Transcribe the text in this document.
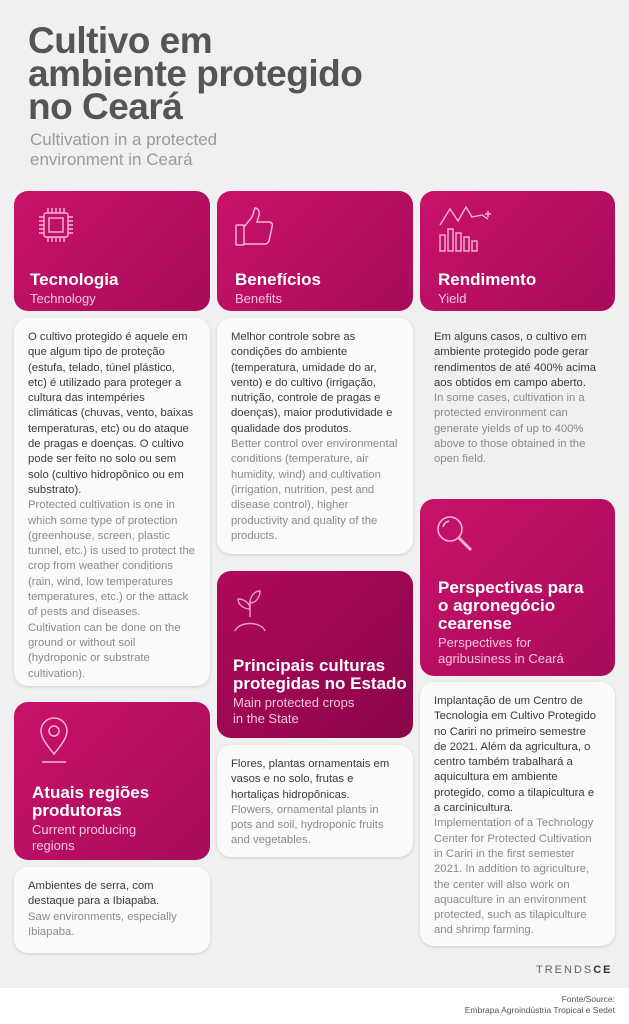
Cultivo em
ambiente protegido
no Ceará
Cultivation in a protected
environment in Ceará
Tecnologia
Technology
O cultivo protegido é aquele em que algum tipo de proteção (estufa, telado, túnel plástico, etc) é utilizado para proteger a cultura das intempéries climáticas (chuvas, vento, baixas temperaturas, etc) ou do ataque de pragas e doenças. O cultivo pode ser feito no solo ou sem solo (cultivo hidropônico ou em substrato).
Protected cultivation is one in which some type of protection (greenhouse, screen, plastic tunnel, etc.) is used to protect the crop from weather conditions (rain, wind, low temperatures temperatures, etc.) or the attack of pests and diseases. Cultivation can be done on the ground or without soil (hydroponic or substrate cultivation).
Benefícios
Benefits
Melhor controle sobre as condições do ambiente (temperatura, umidade do ar, vento) e do cultivo (irrigação, nutrição, controle de pragas e doenças), maior produtividade e qualidade dos produtos.
Better control over environmental conditions (temperature, air humidity, wind) and cultivation (irrigation, nutrition, pest and disease control), higher productivity and quality of the products.
Rendimento
Yield
Em alguns casos, o cultivo em ambiente protegido pode gerar rendimentos de até 400% acima aos obtidos em campo aberto.
In some cases, cultivation in a protected environment can generate yields of up to 400% above to those obtained in the open field.
Perspectivas para
o agronegócio
cearense
Perspectives for
agribusiness in Ceará
Implantação de um Centro de Tecnologia em Cultivo Protegido no Cariri no primeiro semestre de 2021. Além da agricultura, o centro também trabalhará a aquicultura em ambiente protegido, como a tilapicultura e a carcinicultura.
Implementation of a Technology Center for Protected Cultivation in Cariri in the first semester 2021. In addition to agriculture, the center will also work on aquaculture in an environment protected, such as tilapiculture and shrimp farming.
Principais culturas
protegidas no Estado
Main protected crops
in the State
Flores, plantas ornamentais em vasos e no solo, frutas e hortaliças hidropônicas.
Flowers, ornamental plants in pots and soil, hydroponic fruits and vegetables.
Atuais regiões
produtoras
Current producing
regions
Ambientes de serra, com destaque para a Ibiapaba.
Saw environments, especially Ibiapaba.
TRENDSCE
Fonte/Source:
Embrapa Agroindústria Tropical e Sedet
